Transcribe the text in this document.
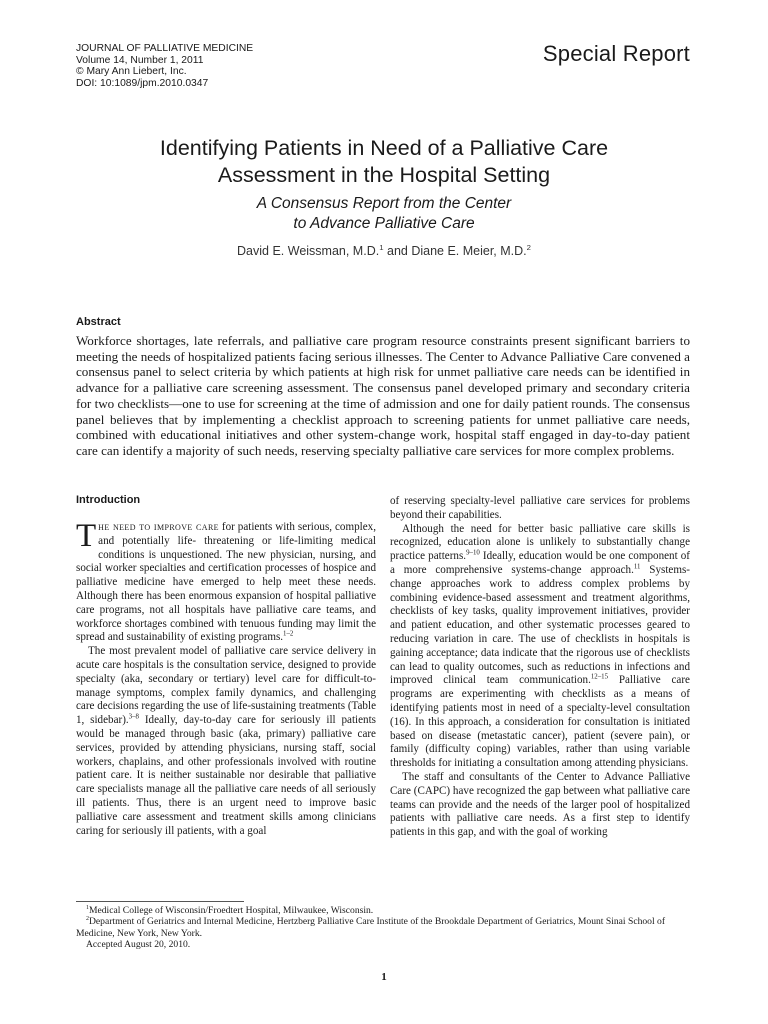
JOURNAL OF PALLIATIVE MEDICINE
Volume 14, Number 1, 2011
© Mary Ann Liebert, Inc.
DOI: 10:1089/jpm.2010.0347
Special Report
Identifying Patients in Need of a Palliative Care
Assessment in the Hospital Setting
A Consensus Report from the Center
to Advance Palliative Care
David E. Weissman, M.D.$^1$ and Diane E. Meier, M.D.$^2$
Abstract
Workforce shortages, late referrals, and palliative care program resource constraints present significant barriers to meeting the needs of hospitalized patients facing serious illnesses. The Center to Advance Palliative Care convened a consensus panel to select criteria by which patients at high risk for unmet palliative care needs can be identified in advance for a palliative care screening assessment. The consensus panel developed primary and secondary criteria for two checklists—one to use for screening at the time of admission and one for daily patient rounds. The consensus panel believes that by implementing a checklist approach to screening patients for unmet palliative care needs, combined with educational initiatives and other system-change work, hospital staff engaged in day-to-day patient care can identify a majority of such needs, reserving specialty palliative care services for more complex problems.
Introduction

The need to improve care for patients with serious, complex, and potentially life- threatening or life-limiting medical conditions is unquestioned. The new physician, nursing, and social worker specialties and certification processes of hospice and palliative medicine have emerged to help meet these needs. Although there has been enormous expansion of hospital palliative care programs, not all hospitals have palliative care teams, and workforce shortages combined with tenuous funding may limit the spread and sustainability of existing programs.$^{1-2}$

The most prevalent model of palliative care service delivery in acute care hospitals is the consultation service, designed to provide specialty (aka, secondary or tertiary) level care for difficult-to-manage symptoms, complex family dynamics, and challenging care decisions regarding the use of life-sustaining treatments (Table 1, sidebar).$^{3-8}$ Ideally, day-to-day care for seriously ill patients would be managed through basic (aka, primary) palliative care services, provided by attending physicians, nursing staff, social workers, chaplains, and other professionals involved with routine patient care. It is neither sustainable nor desirable that palliative care specialists manage all the palliative care needs of all seriously ill patients. Thus, there is an urgent need to improve basic palliative care assessment and treatment skills among clinicians caring for seriously ill patients, with a goal

of reserving specialty-level palliative care services for problems beyond their capabilities.

Although the need for better basic palliative care skills is recognized, education alone is unlikely to substantially change practice patterns.$^{9-10}$ Ideally, education would be one component of a more comprehensive systems-change approach.$^{11}$ Systems-change approaches work to address complex problems by combining evidence-based assessment and treatment algorithms, checklists of key tasks, quality improvement initiatives, provider and patient education, and other systematic processes geared to reducing variation in care. The use of checklists in hospitals is gaining acceptance; data indicate that the rigorous use of checklists can lead to quality outcomes, such as reductions in infections and improved clinical team communication.$^{12-15}$ Palliative care programs are experimenting with checklists as a means of identifying patients most in need of a specialty-level consultation (16). In this approach, a consideration for consultation is initiated based on disease (metastatic cancer), patient (severe pain), or family (difficulty coping) variables, rather than using variable thresholds for initiating a consultation among attending physicians.

The staff and consultants of the Center to Advance Palliative Care (CAPC) have recognized the gap between what palliative care teams can provide and the needs of the larger pool of hospitalized patients with palliative care needs. As a first step to identify patients in this gap, and with the goal of working

$^1$Medical College of Wisconsin/Froedtert Hospital, Milwaukee, Wisconsin.
$^2$Department of Geriatrics and Internal Medicine, Hertzberg Palliative Care Institute of the Brookdale Department of Geriatrics, Mount Sinai School of Medicine, New York, New York.
Accepted August 20, 2010.
1
